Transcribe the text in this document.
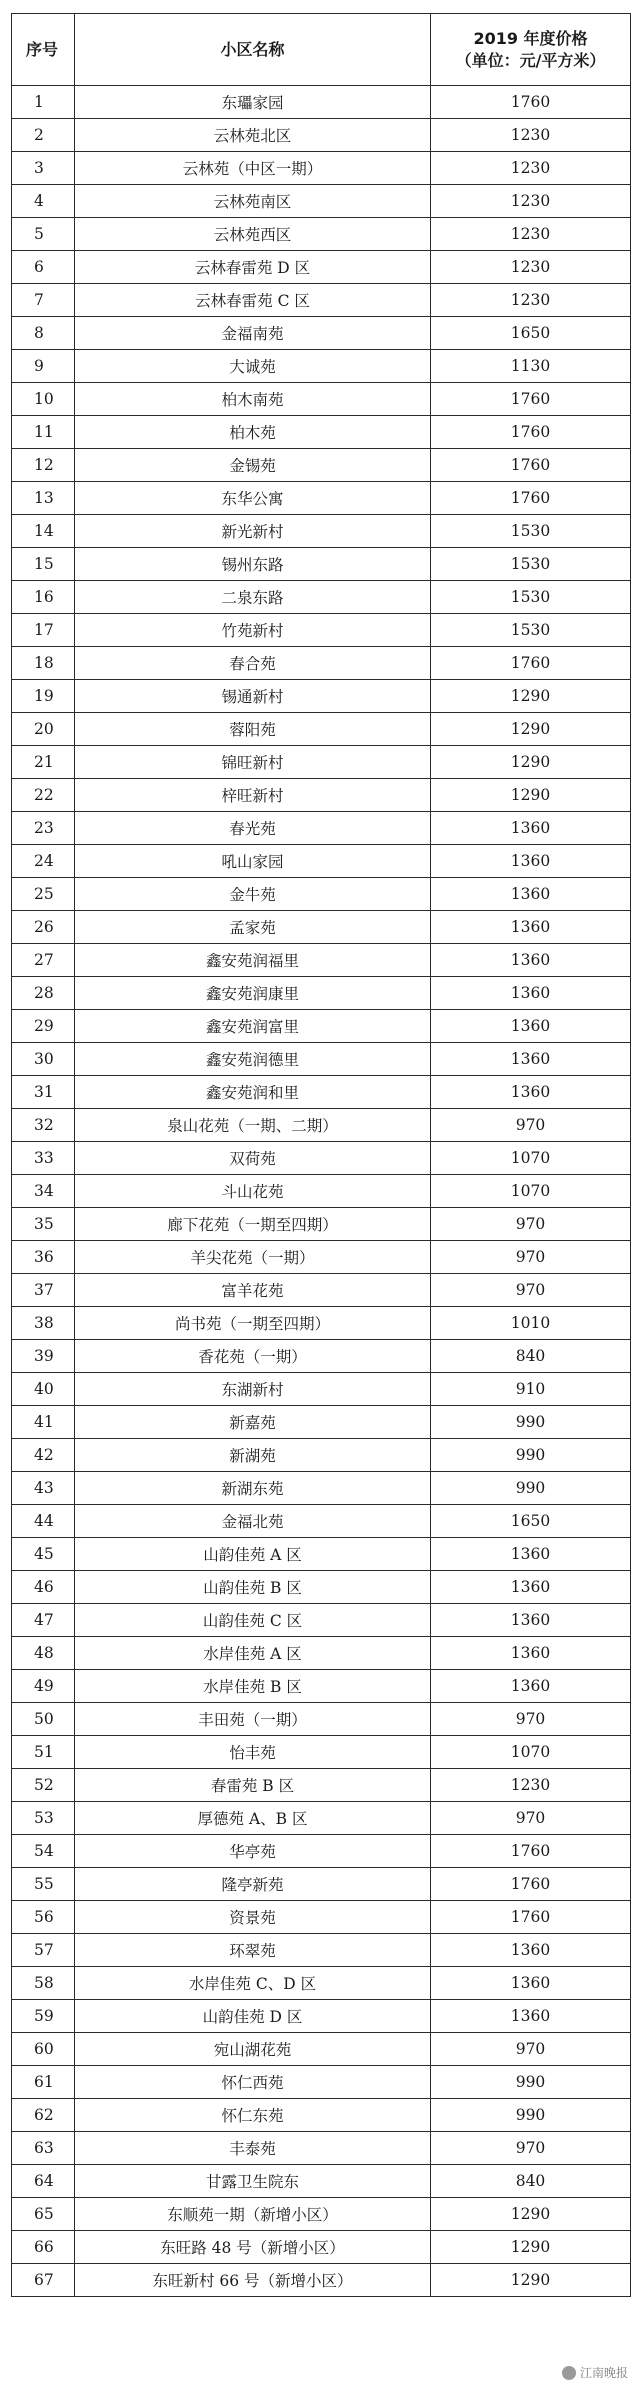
序号	小区名称	2019 年度价格
（单位：元/平方米）

1	东瓃家园	1760
2	云林苑北区	1230
3	云林苑（中区一期）	1230
4	云林苑南区	1230
5	云林苑西区	1230
6	云林春雷苑 D 区	1230
7	云林春雷苑 C 区	1230
8	金福南苑	1650
9	大诚苑	1130
10	柏木南苑	1760
11	柏木苑	1760
12	金锡苑	1760
13	东华公寓	1760
14	新光新村	1530
15	锡州东路	1530
16	二泉东路	1530
17	竹苑新村	1530
18	春合苑	1760
19	锡通新村	1290
20	蓉阳苑	1290
21	锦旺新村	1290
22	梓旺新村	1290
23	春光苑	1360
24	吼山家园	1360
25	金牛苑	1360
26	孟家苑	1360
27	鑫安苑润福里	1360
28	鑫安苑润康里	1360
29	鑫安苑润富里	1360
30	鑫安苑润德里	1360
31	鑫安苑润和里	1360
32	泉山花苑（一期、二期）	970
33	双荷苑	1070
34	斗山花苑	1070
35	廊下花苑（一期至四期）	970
36	羊尖花苑（一期）	970
37	富羊花苑	970
38	尚书苑（一期至四期）	1010
39	香花苑（一期）	840
40	东湖新村	910
41	新嘉苑	990
42	新湖苑	990
43	新湖东苑	990
44	金福北苑	1650
45	山韵佳苑 A 区	1360
46	山韵佳苑 B 区	1360
47	山韵佳苑 C 区	1360
48	水岸佳苑 A 区	1360
49	水岸佳苑 B 区	1360
50	丰田苑（一期）	970
51	怡丰苑	1070
52	春雷苑 B 区	1230
53	厚德苑 A、B 区	970
54	华亭苑	1760
55	隆亭新苑	1760
56	资景苑	1760
57	环翠苑	1360
58	水岸佳苑 C、D 区	1360
59	山韵佳苑 D 区	1360
60	宛山湖花苑	970
61	怀仁西苑	990
62	怀仁东苑	990
63	丰泰苑	970
64	甘露卫生院东	840
65	东顺苑一期（新增小区）	1290
66	东旺路 48 号（新增小区）	1290
67	东旺新村 66 号（新增小区）	1290
江南晚报
